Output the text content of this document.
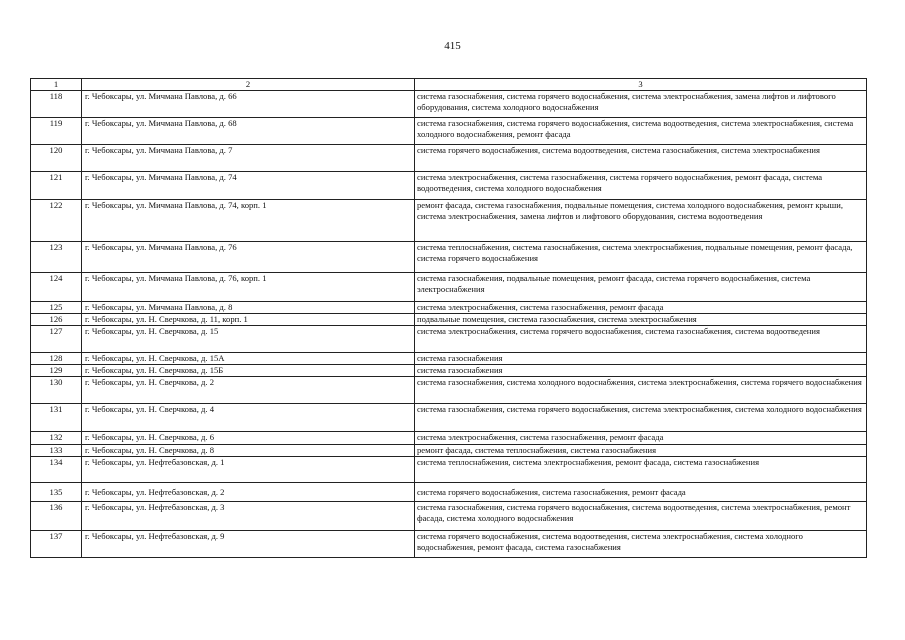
415
1	2	3
118	г. Чебоксары, ул. Мичмана Павлова, д. 66	система газоснабжения, система горячего водоснабжения, система электроснабжения, замена лифтов и лифтового оборудования, система холодного водоснабжения
119	г. Чебоксары, ул. Мичмана Павлова, д. 68	система газоснабжения, система горячего водоснабжения, система водоотведения, система электроснабжения, система холодного водоснабжения, ремонт фасада
120	г. Чебоксары, ул. Мичмана Павлова, д. 7	система горячего водоснабжения, система водоотведения, система газоснабжения, система электроснабжения
121	г. Чебоксары, ул. Мичмана Павлова, д. 74	система электроснабжения, система газоснабжения, система горячего водоснабжения, ремонт фасада, система водоотведения, система холодного водоснабжения
122	г. Чебоксары, ул. Мичмана Павлова, д. 74, корп. 1	ремонт фасада, система газоснабжения, подвальные помещения, система холодного водоснабжения, ремонт крыши, система электроснабжения, замена лифтов и лифтового оборудования, система водоотведения
123	г. Чебоксары, ул. Мичмана Павлова, д. 76	система теплоснабжения, система газоснабжения, система электроснабжения, подвальные помещения, ремонт фасада, система горячего водоснабжения
124	г. Чебоксары, ул. Мичмана Павлова, д. 76, корп. 1	система газоснабжения, подвальные помещения, ремонт фасада, система горячего водоснабжения, система электроснабжения
125	г. Чебоксары, ул. Мичмана Павлова, д. 8	система электроснабжения, система газоснабжения, ремонт фасада
126	г. Чебоксары, ул. Н. Сверчкова, д. 11, корп. 1	подвальные помещения, система газоснабжения, система электроснабжения
127	г. Чебоксары, ул. Н. Сверчкова, д. 15	система электроснабжения, система горячего водоснабжения, система газоснабжения, система водоотведения
128	г. Чебоксары, ул. Н. Сверчкова, д. 15А	система газоснабжения
129	г. Чебоксары, ул. Н. Сверчкова, д. 15Б	система газоснабжения
130	г. Чебоксары, ул. Н. Сверчкова, д. 2	система газоснабжения, система холодного водоснабжения, система электроснабжения, система горячего водоснабжения
131	г. Чебоксары, ул. Н. Сверчкова, д. 4	система газоснабжения, система горячего водоснабжения, система электроснабжения, система холодного водоснабжения
132	г. Чебоксары, ул. Н. Сверчкова, д. 6	система электроснабжения, система газоснабжения, ремонт фасада
133	г. Чебоксары, ул. Н. Сверчкова, д. 8	ремонт фасада, система теплоснабжения, система газоснабжения
134	г. Чебоксары, ул. Нефтебазовская, д. 1	система теплоснабжения, система электроснабжения, ремонт фасада, система газоснабжения
135	г. Чебоксары, ул. Нефтебазовская, д. 2	система горячего водоснабжения, система газоснабжения, ремонт фасада
136	г. Чебоксары, ул. Нефтебазовская, д. 3	система газоснабжения, система горячего водоснабжения, система водоотведения, система электроснабжения, ремонт фасада, система холодного водоснабжения
137	г. Чебоксары, ул. Нефтебазовская, д. 9	система горячего водоснабжения, система водоотведения, система электроснабжения, система холодного водоснабжения, ремонт фасада, система газоснабжения
